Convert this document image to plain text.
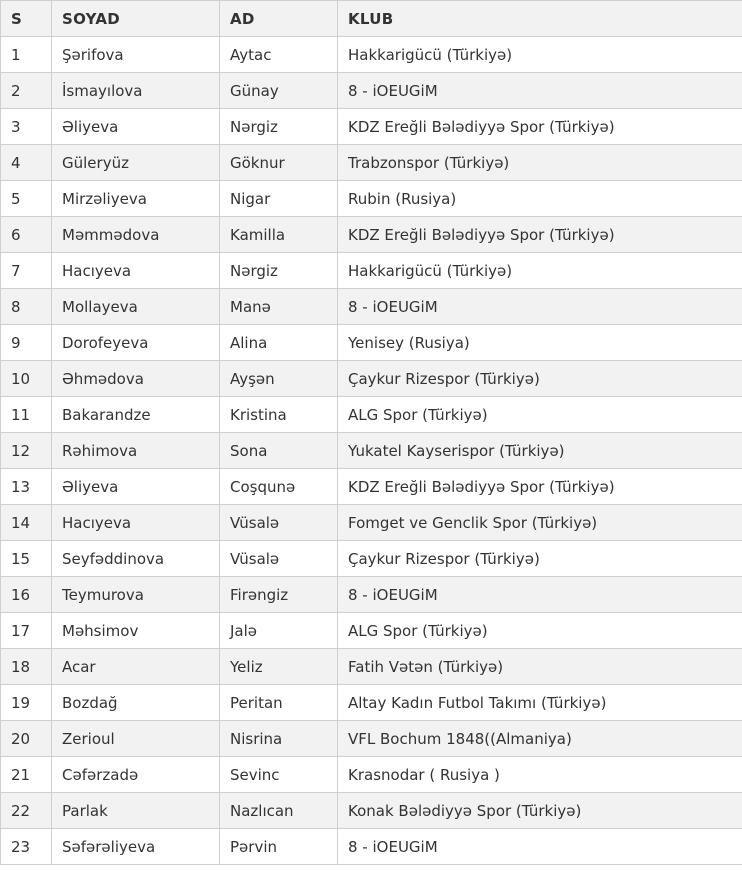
S	SOYAD	AD	KLUB
1	Şərifova	Aytac	Hakkarigücü (Türkiyə)
2	İsmayılova	Günay	8 - iOEUGiM
3	Əliyeva	Nərgiz	KDZ Ereğli Bələdiyyə Spor (Türkiyə)
4	Güleryüz	Göknur	Trabzonspor (Türkiyə)
5	Mirzəliyeva	Nigar	Rubin (Rusiya)
6	Məmmədova	Kamilla	KDZ Ereğli Bələdiyyə Spor (Türkiyə)
7	Hacıyeva	Nərgiz	Hakkarigücü (Türkiyə)
8	Mollayeva	Manə	8 - iOEUGiM
9	Dorofeyeva	Alina	Yenisey (Rusiya)
10	Əhmədova	Ayşən	Çaykur Rizespor (Türkiyə)
11	Bakarandze	Kristina	ALG Spor (Türkiyə)
12	Rəhimova	Sona	Yukatel Kayserispor (Türkiyə)
13	Əliyeva	Coşqunə	KDZ Ereğli Bələdiyyə Spor (Türkiyə)
14	Hacıyeva	Vüsalə	Fomget ve Genclik Spor (Türkiyə)
15	Seyfəddinova	Vüsalə	Çaykur Rizespor (Türkiyə)
16	Teymurova	Firəngiz	8 - iOEUGiM
17	Məhsimov	Jalə	ALG Spor (Türkiyə)
18	Acar	Yeliz	Fatih Vətən (Türkiyə)
19	Bozdağ	Peritan	Altay Kadın Futbol Takımı (Türkiyə)
20	Zerioul	Nisrina	VFL Bochum 1848((Almaniya)
21	Cəfərzadə	Sevinc	Krasnodar ( Rusiya )
22	Parlak	Nazlıcan	Konak Bələdiyyə Spor (Türkiyə)
23	Səfərəliyeva	Pərvin	8 - iOEUGiM
